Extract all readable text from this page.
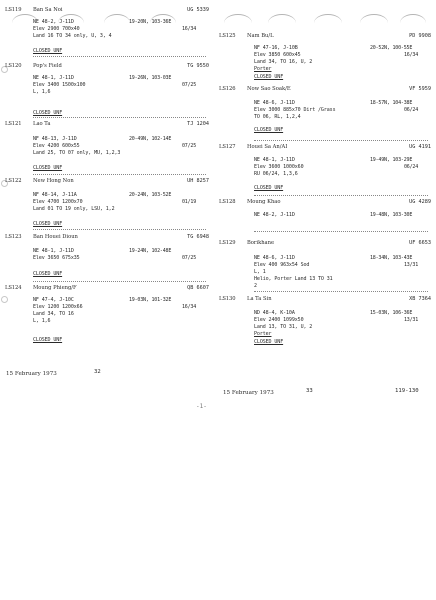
LS119 Ban Sa Noi	UG 5339
NE 48-2, J-11D	19-20N, 103-36E
Elev 2900 700x40	16/34
Land 16 TO 34 only, U, 3, 4
CLOSED UNF
LS120 Pop's Field	TG 9550
NE 48-1, J-11D	19-26N, 103-03E
Elev 3400 1500x100	07/25
L, 1,6
CLOSED UNF
LS121 Lao Ta	TJ 1204
NF 48-13, J-11D	20-49N, 102-14E
Elev 4200 600x55	07/25
Land 25, TO 07 only, MU, 1,2,3
CLOSED UNF
LS122 New Hong Non	UH 8257
NF 48-14, J-11A	20-24N, 103-52E
Elev 4700 1200x70	01/19
Land 01 TO 19 only, LSU, 1,2
CLOSED UNF
LS123 Ban Houei Dioun	TG 6948
NE 48-1, J-11D	19-24N, 102-48E
Elev 3650 675x35	07/25
CLOSED UNF
LS124 Moung Phieng/F	QB 6607
NF 47-4, J-10C	19-03N, 101-32E
Elev 1200 1200x66	16/34
Land 34, TO 16
L, 1,6
CLOSED UNF
15 February 1973	32
LS125 Nam Bu/L	PD 9908
NF 47-16, J-10B	20-52N, 100-55E
Elev 3850 600x45	16/34
Land 34, TO 16, U, 2
Porter
CLOSED UNF
LS126 Now Sao Soak/E	VF 5959
NE 48-6, J-11D	18-57N, 104-38E
Elev 3000 885x70 Dirt /Grass	06/24
TO 06, RL, 1,2,4
CLOSED UNF
LS127 Houei Sa An/AI	UG 4191
NE 48-1, J-11D	19-49N, 103-29E
Elev 3600 1000x60	06/24
RU 06/24, 1,3,6
CLOSED UNF
LS128 Moung Khao	UG 4289
NE 48-2, J-11D	19-48N, 103-30E
LS129 Borikhane	UF 6653
NE 48-6, J-11D	18-34N, 103-43E
Elev 400 963x54 Sod	13/31
L, 1
Helio, Porter Land 13 TO 31
2
LS130 La Ta Sin	XB 7364
ND 48-4, K-10A	15-03N, 106-36E
Elev 2400 1099x50	13/31
Land 13, TO 31, U, 2
Porter
CLOSED UNF
15 February 1973	33	119-130
-1-
